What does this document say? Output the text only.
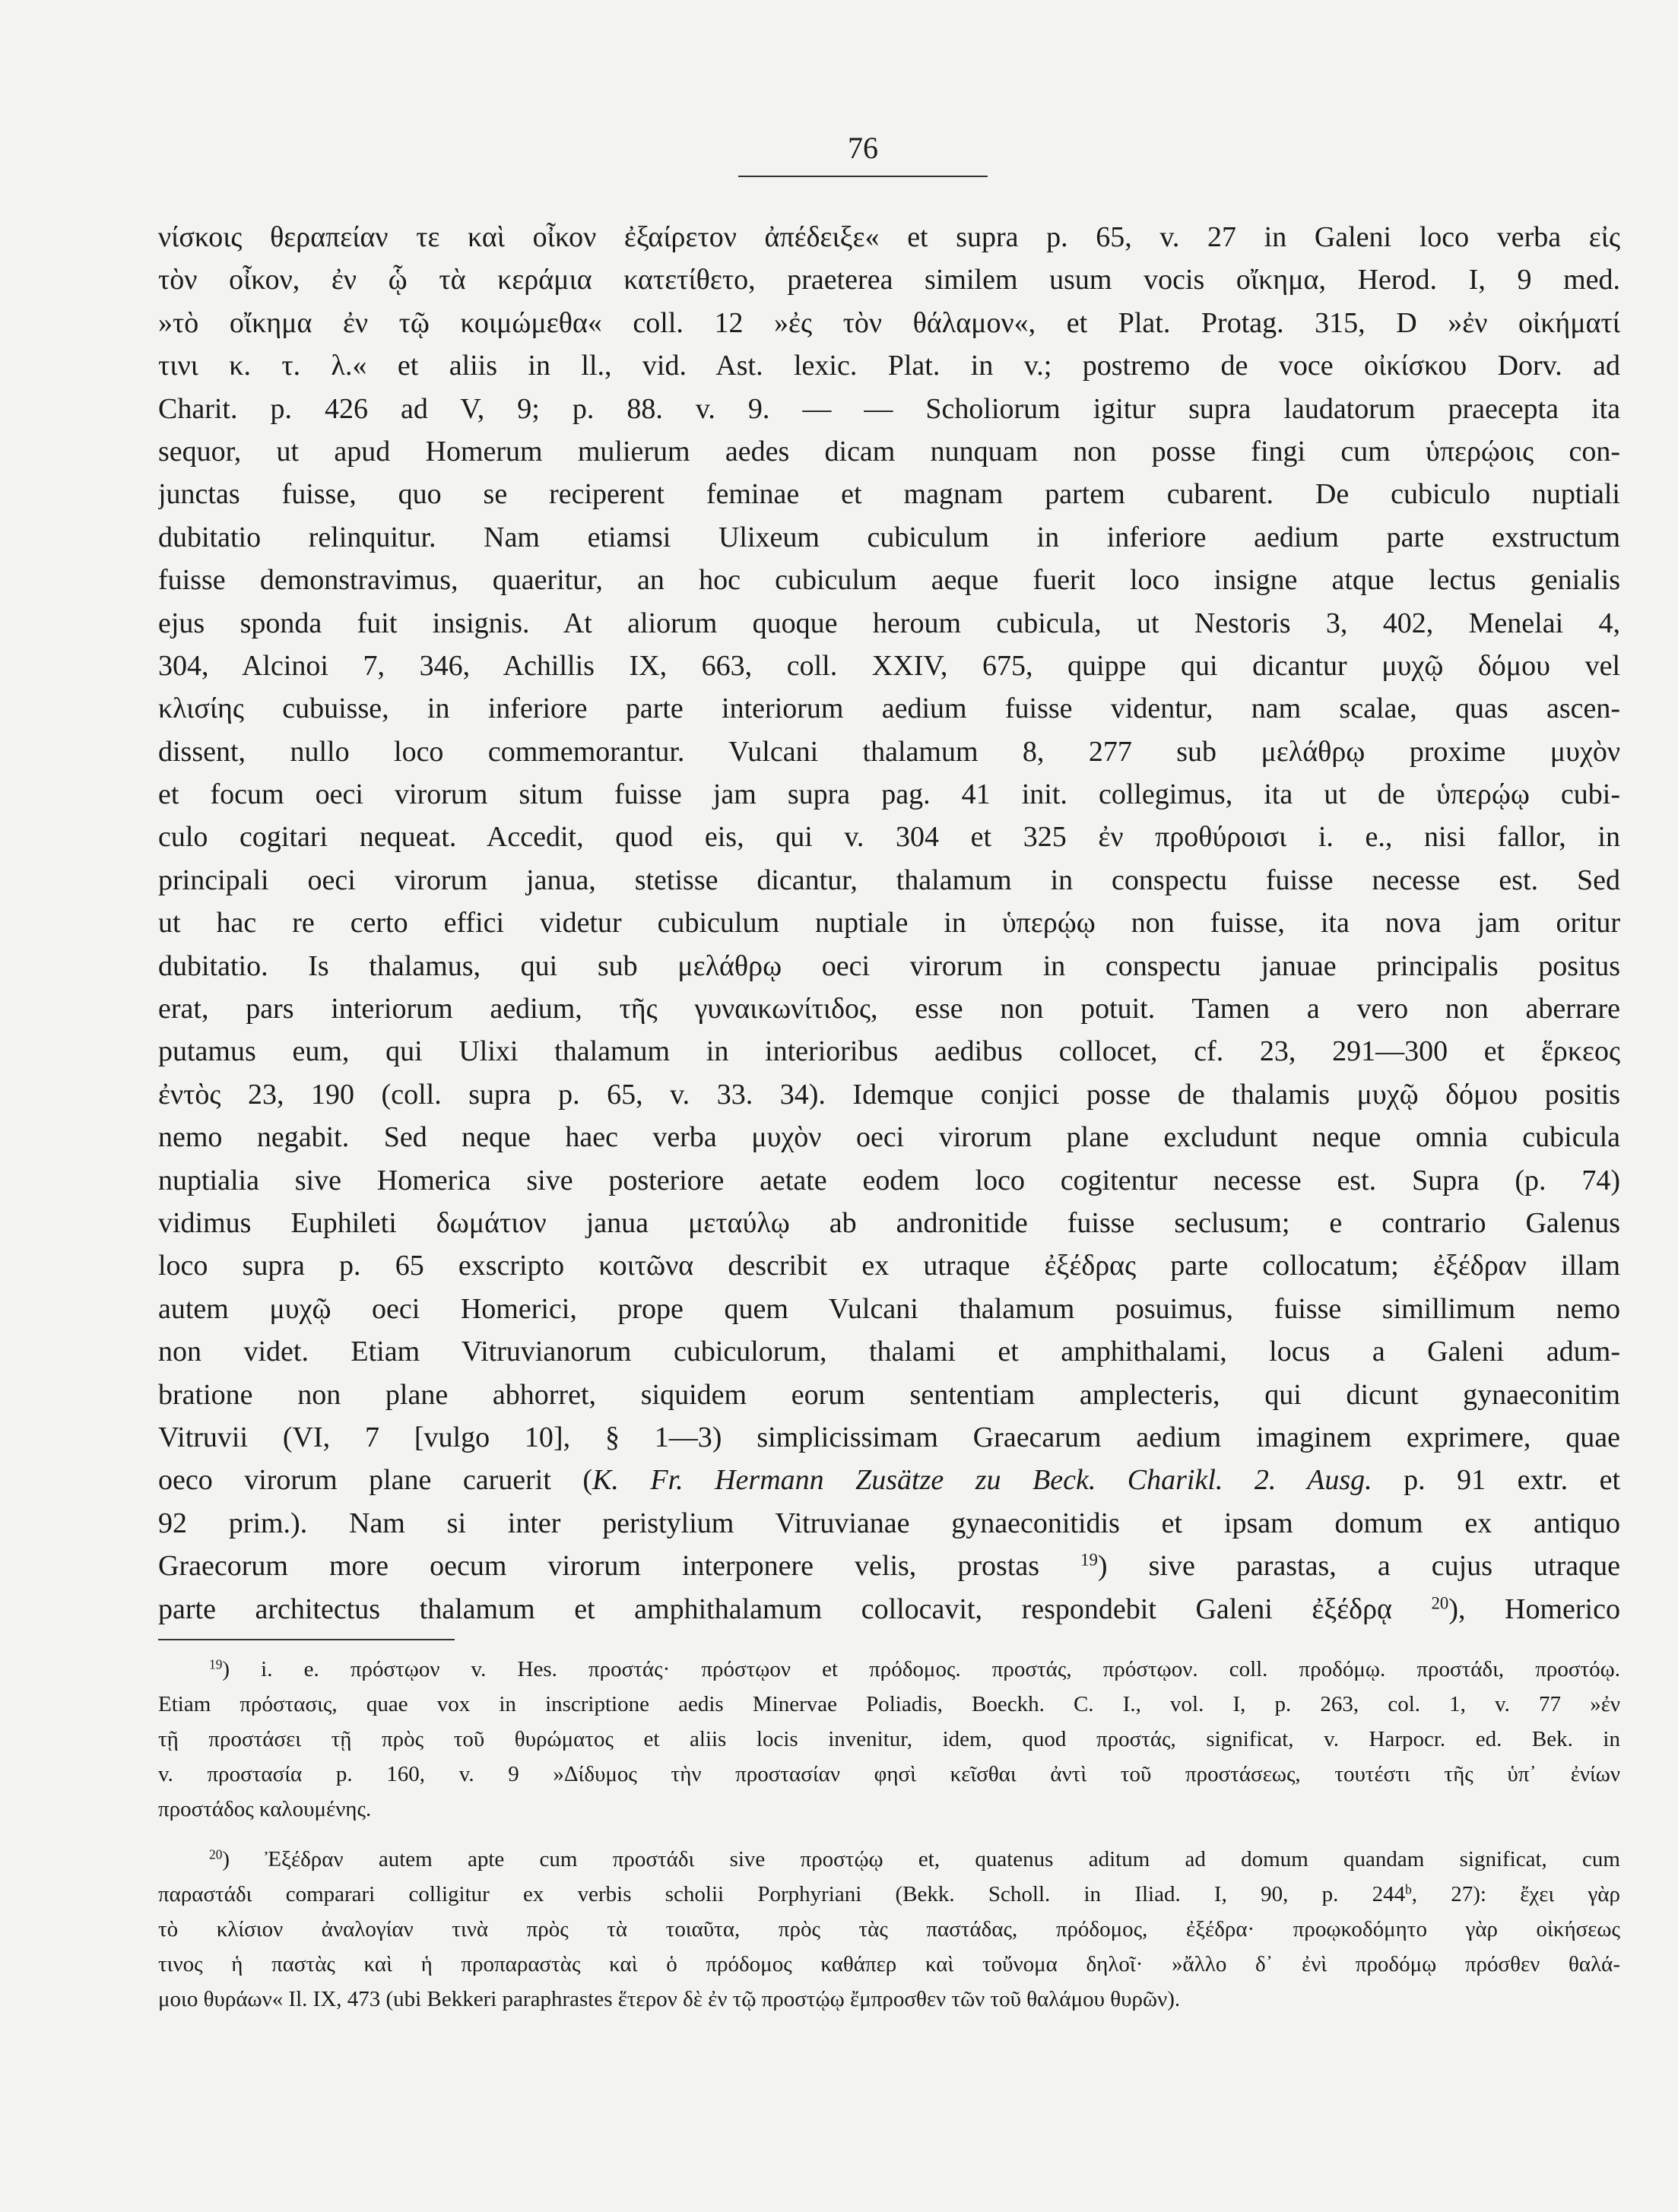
76
νίσκοις θεραπείαν τε καὶ οἶκον ἐξαίρετον ἀπέδειξε« et supra p. 65, v. 27 in Galeni loco verba εἰς
τὸν οἶκον, ἐν ᾧ τὰ κεράμια κατετίθετο, praeterea similem usum vocis οἴκημα, Herod. I, 9 med.
»τὸ οἴκημα ἐν τῷ κοιμώμεθα« coll. 12 »ἐς τὸν θάλαμον«, et Plat. Protag. 315, D »ἐν οἰκήματί
τινι κ. τ. λ.« et aliis in ll., vid. Ast. lexic. Plat. in v.; postremo de voce οἰκίσκου Dorv. ad
Charit. p. 426 ad V, 9; p. 88. v. 9. — — Scholiorum igitur supra laudatorum praecepta ita
sequor, ut apud Homerum mulierum aedes dicam nunquam non posse fingi cum ὑπερῴοις con-
junctas fuisse, quo se reciperent feminae et magnam partem cubarent. De cubiculo nuptiali
dubitatio relinquitur. Nam etiamsi Ulixeum cubiculum in inferiore aedium parte exstructum
fuisse demonstravimus, quaeritur, an hoc cubiculum aeque fuerit loco insigne atque lectus genialis
ejus sponda fuit insignis. At aliorum quoque heroum cubicula, ut Nestoris 3, 402, Menelai 4,
304, Alcinoi 7, 346, Achillis IX, 663, coll. XXIV, 675, quippe qui dicantur μυχῷ δόμου vel
κλισίης cubuisse, in inferiore parte interiorum aedium fuisse videntur, nam scalae, quas ascen-
dissent, nullo loco commemorantur. Vulcani thalamum 8, 277 sub μελάθρῳ proxime μυχὸν
et focum oeci virorum situm fuisse jam supra pag. 41 init. collegimus, ita ut de ὑπερῴῳ cubi-
culo cogitari nequeat. Accedit, quod eis, qui v. 304 et 325 ἐν προθύροισι i. e., nisi fallor, in
principali oeci virorum janua, stetisse dicantur, thalamum in conspectu fuisse necesse est. Sed
ut hac re certo effici videtur cubiculum nuptiale in ὑπερῴῳ non fuisse, ita nova jam oritur
dubitatio. Is thalamus, qui sub μελάθρῳ oeci virorum in conspectu januae principalis positus
erat, pars interiorum aedium, τῆς γυναικωνίτιδος, esse non potuit. Tamen a vero non aberrare
putamus eum, qui Ulixi thalamum in interioribus aedibus collocet, cf. 23, 291—300 et ἕρκεος
ἐντὸς 23, 190 (coll. supra p. 65, v. 33. 34). Idemque conjici posse de thalamis μυχῷ δόμου positis
nemo negabit. Sed neque haec verba μυχὸν oeci virorum plane excludunt neque omnia cubicula
nuptialia sive Homerica sive posteriore aetate eodem loco cogitentur necesse est. Supra (p. 74)
vidimus Euphileti δωμάτιον janua μεταύλῳ ab andronitide fuisse seclusum; e contrario Galenus
loco supra p. 65 exscripto κοιτῶνα describit ex utraque ἐξέδρας parte collocatum; ἐξέδραν illam
autem μυχῷ oeci Homerici, prope quem Vulcani thalamum posuimus, fuisse simillimum nemo
non videt. Etiam Vitruvianorum cubiculorum, thalami et amphithalami, locus a Galeni adum-
bratione non plane abhorret, siquidem eorum sententiam amplecteris, qui dicunt gynaeconitim
Vitruvii (VI, 7 [vulgo 10], § 1—3) simplicissimam Graecarum aedium imaginem exprimere, quae
oeco virorum plane caruerit (K. Fr. Hermann Zusätze zu Beck. Charikl. 2. Ausg. p. 91 extr. et
92 prim.). Nam si inter peristylium Vitruvianae gynaeconitidis et ipsam domum ex antiquo
Graecorum more oecum virorum interponere velis, prostas $^{19}$) sive parastas, a cujus utraque
parte architectus thalamum et amphithalamum collocavit, respondebit Galeni ἐξέδρᾳ $^{20}$), Homerico
$^{19}$) i. e. πρόστῳον v. Hes. προστάς· πρόστῳον et πρόδομος. προστάς, πρόστῳον. coll. προδόμῳ. προστάδι, προστόῳ.
Etiam πρόστασις, quae vox in inscriptione aedis Minervae Poliadis, Boeckh. C. I., vol. I, p. 263, col. 1, v. 77 »ἐν
τῇ προστάσει τῇ πρὸς τοῦ θυρώματος et aliis locis invenitur, idem, quod προστάς, significat, v. Harpocr. ed. Bek. in
v. προστασία p. 160, v. 9 »Δίδυμος τὴν προστασίαν φησὶ κεῖσθαι ἀντὶ τοῦ προστάσεως, τουτέστι τῆς ὑπ᾽ ἐνίων
προστάδος καλουμένης.
$^{20}$) Ἐξέδραν autem apte cum προστάδι sive προστῴῳ et, quatenus aditum ad domum quandam significat, cum
παραστάδι comparari colligitur ex verbis scholii Porphyriani (Bekk. Scholl. in Iliad. I, 90, p. 244$^b$, 27): ἔχει γὰρ
τὸ κλίσιον ἀναλογίαν τινὰ πρὸς τὰ τοιαῦτα, πρὸς τὰς παστάδας, πρόδομος, ἐξέδρα· προῳκοδόμητο γὰρ οἰκήσεως
τινος ἡ παστὰς καὶ ἡ προπαραστὰς καὶ ὁ πρόδομος καθάπερ καὶ τοὔνομα δηλοῖ· »ἄλλο δ᾽ ἐνὶ προδόμῳ πρόσθεν θαλά-
μοιο θυράων« Il. IX, 473 (ubi Bekkeri paraphrastes ἕτερον δὲ ἐν τῷ προστῴῳ ἔμπροσθεν τῶν τοῦ θαλάμου θυρῶν).
